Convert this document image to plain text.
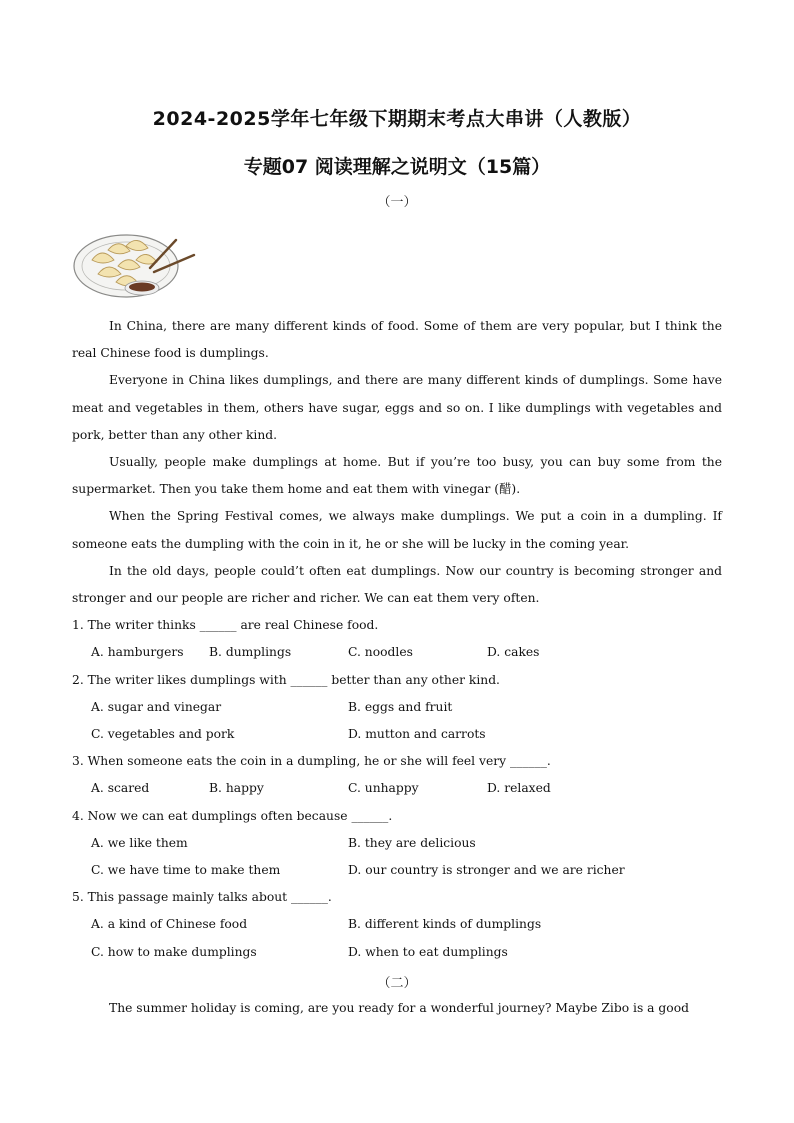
2024-2025学年七年级下期期末考点大串讲（人教版）
专题07 阅读理解之说明文（15篇）
（一）

In China, there are many different kinds of food. Some of them are very popular, but I think the real Chinese food is dumplings.

Everyone in China likes dumplings, and there are many different kinds of dumplings. Some have meat and vegetables in them, others have sugar, eggs and so on. I like dumplings with vegetables and pork, better than any other kind.

Usually, people make dumplings at home. But if you’re too busy, you can buy some from the supermarket. Then you take them home and eat them with vinegar (醋).

When the Spring Festival comes, we always make dumplings. We put a coin in a dumpling. If someone eats the dumpling with the coin in it, he or she will be lucky in the coming year.

In the old days, people could’t often eat dumplings. Now our country is becoming stronger and stronger and our people are richer and richer. We can eat them very often.

1. The writer thinks ______ are real Chinese food.

A. hamburgers	B. dumplings	C. noodles	D. cakes

2. The writer likes dumplings with ______ better than any other kind.

A. sugar and vinegar	B. eggs and fruit
C. vegetables and pork	D. mutton and carrots

3. When someone eats the coin in a dumpling, he or she will feel very ______.

A. scared	B. happy	C. unhappy	D. relaxed

4. Now we can eat dumplings often because ______.

A. we like them	B. they are delicious
C. we have time to make them	D. our country is stronger and we are richer

5. This passage mainly talks about ______.

A. a kind of Chinese food	B. different kinds of dumplings
C. how to make dumplings	D. when to eat dumplings
（二）

The summer holiday is coming, are you ready for a wonderful journey? Maybe Zibo is a good
